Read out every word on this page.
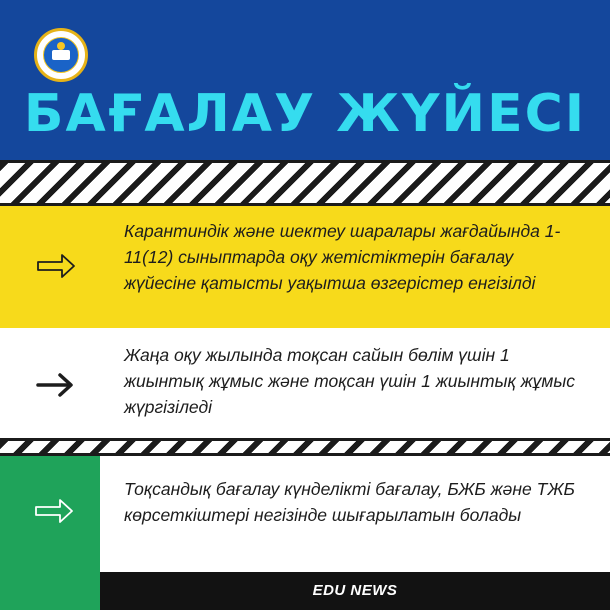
БАҒАЛАУ ЖҮЙЕСІ
Карантиндік және шектеу шаралары жағдайында 1-11(12) сыныптарда оқу жетістіктерін бағалау жүйесіне қатысты уақытша өзгерістер енгізілді
Жаңа оқу жылында тоқсан сайын бөлім үшін 1 жиынтық жұмыс және тоқсан үшін 1 жиынтық жұмыс жүргізіледі
Тоқсандық бағалау күнделікті бағалау, БЖБ және ТЖБ көрсеткіштері негізінде шығарылатын болады
EDU NEWS
